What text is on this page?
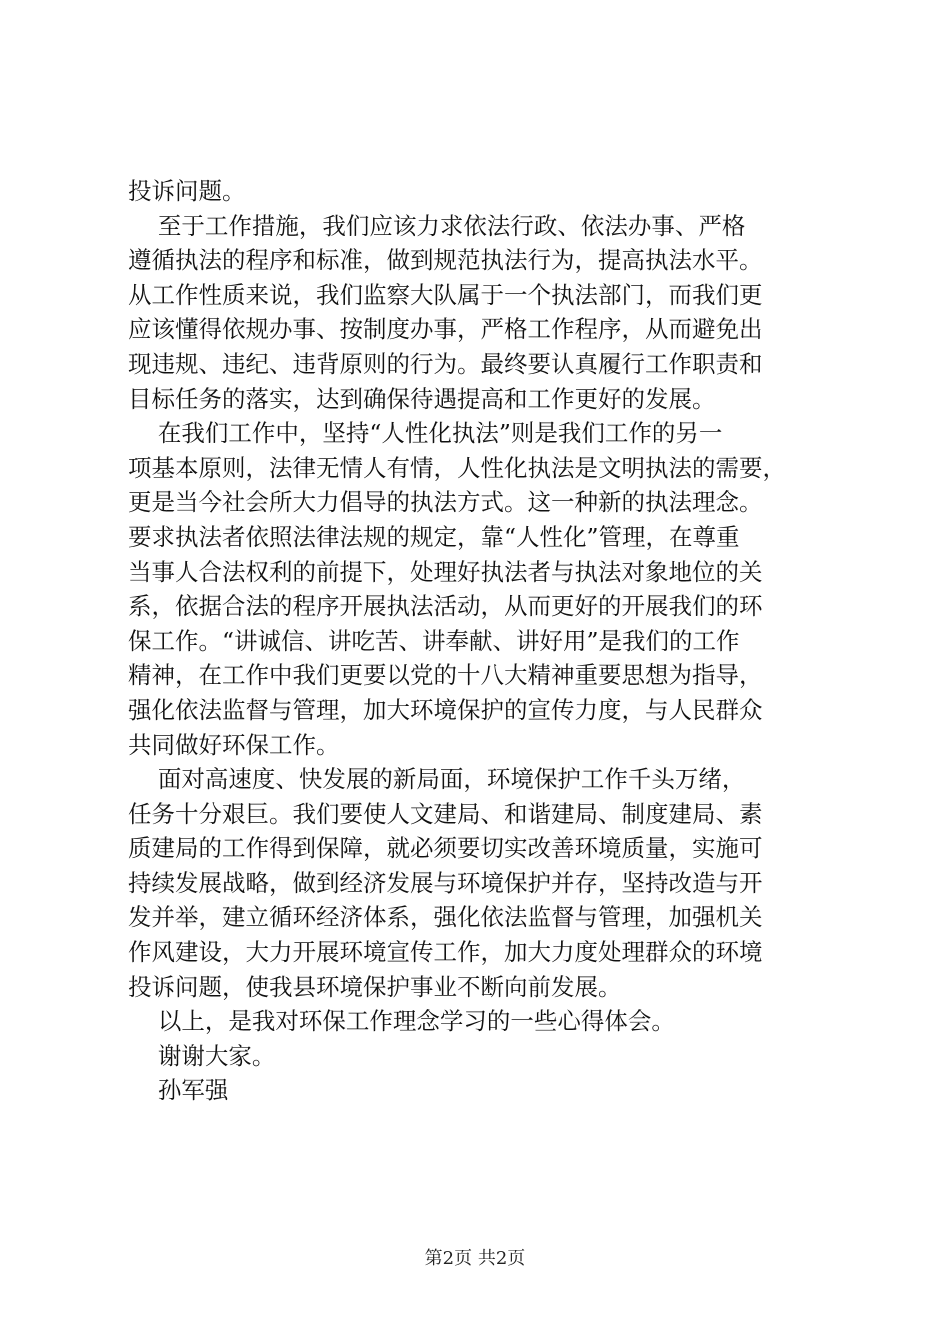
投诉问题。

至于工作措施，我们应该力求依法行政、依法办事、严格

遵循执法的程序和标准，做到规范执法行为，提高执法水平。

从工作性质来说，我们监察大队属于一个执法部门，而我们更

应该懂得依规办事、按制度办事，严格工作程序，从而避免出

现违规、违纪、违背原则的行为。最终要认真履行工作职责和

目标任务的落实，达到确保待遇提高和工作更好的发展。

在我们工作中，坚持“人性化执法”则是我们工作的另一

项基本原则，法律无情人有情，人性化执法是文明执法的需要，

更是当今社会所大力倡导的执法方式。这一种新的执法理念。

要求执法者依照法律法规的规定，靠“人性化”管理，在尊重

当事人合法权利的前提下，处理好执法者与执法对象地位的关

系，依据合法的程序开展执法活动，从而更好的开展我们的环

保工作。“讲诚信、讲吃苦、讲奉献、讲好用”是我们的工作

精神，在工作中我们更要以党的十八大精神重要思想为指导，

强化依法监督与管理，加大环境保护的宣传力度，与人民群众

共同做好环保工作。

面对高速度、快发展的新局面，环境保护工作千头万绪，

任务十分艰巨。我们要使人文建局、和谐建局、制度建局、素

质建局的工作得到保障，就必须要切实改善环境质量，实施可

持续发展战略，做到经济发展与环境保护并存，坚持改造与开

发并举，建立循环经济体系，强化依法监督与管理，加强机关

作风建设，大力开展环境宣传工作，加大力度处理群众的环境

投诉问题，使我县环境保护事业不断向前发展。

以上，是我对环保工作理念学习的一些心得体会。

谢谢大家。

孙军强

第2页 共2页
